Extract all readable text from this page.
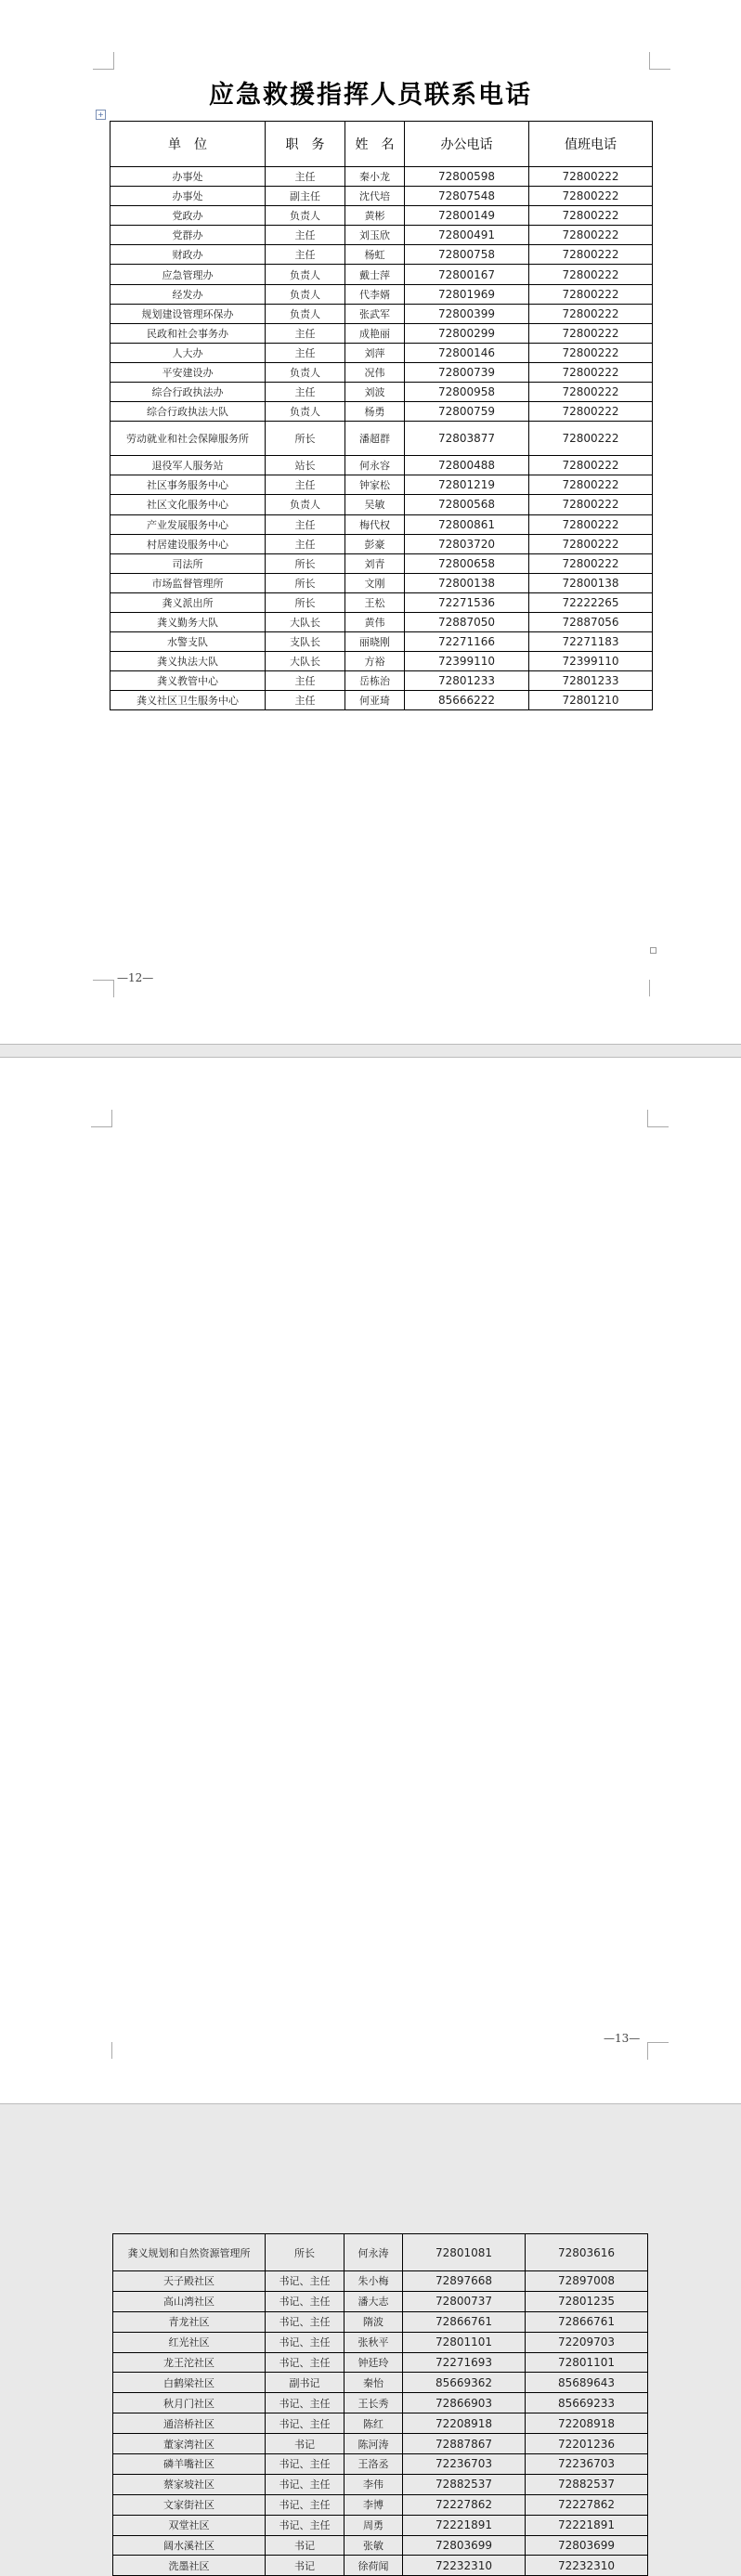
+
应急救援指挥人员联系电话
单　位	职　务	姓　名	办公电话	值班电话
办事处	主任	秦小龙	72800598	72800222
办事处	副主任	沈代培	72807548	72800222
党政办	负责人	黄彬	72800149	72800222
党群办	主任	刘玉欣	72800491	72800222
财政办	主任	杨虹	72800758	72800222
应急管理办	负责人	戴士萍	72800167	72800222
经发办	负责人	代李婿	72801969	72800222
规划建设管理环保办	负责人	张武军	72800399	72800222
民政和社会事务办	主任	成艳丽	72800299	72800222
人大办	主任	刘萍	72800146	72800222
平安建设办	负责人	况伟	72800739	72800222
综合行政执法办	主任	刘波	72800958	72800222
综合行政执法大队	负责人	杨勇	72800759	72800222
劳动就业和社会保障服务所	所长	潘超群	72803877	72800222
退役军人服务站	站长	何永容	72800488	72800222
社区事务服务中心	主任	钟家松	72801219	72800222
社区文化服务中心	负责人	吴敏	72800568	72800222
产业发展服务中心	主任	梅代权	72800861	72800222
村居建设服务中心	主任	彭豪	72803720	72800222
司法所	所长	刘青	72800658	72800222
市场监督管理所	所长	文刚	72800138	72800138
龚义派出所	所长	王松	72271536	72222265
龚义勤务大队	大队长	黄伟	72887050	72887056
水警支队	支队长	丽晓刚	72271166	72271183
龚义执法大队	大队长	方裕	72399110	72399110
龚义教管中心	主任	岳栋治	72801233	72801233
龚义社区卫生服务中心	主任	何亚琦	85666222	72801210
—12—
龚义规划和自然资源管理所	所长	何永涛	72801081	72803616
天子殿社区	书记、主任	朱小梅	72897668	72897008
高山湾社区	书记、主任	潘大志	72800737	72801235
青龙社区	书记、主任	隋波	72866761	72866761
红光社区	书记、主任	张秋平	72801101	72209703
龙王沱社区	书记、主任	钟廷玲	72271693	72801101
白鹤梁社区	副书记	秦怡	85669362	85689643
秋月门社区	书记、主任	王长秀	72866903	85669233
通涪桥社区	书记、主任	陈红	72208918	72208918
董家湾社区	书记	陈河涛	72887867	72201236
磷羊嘴社区	书记、主任	王洛丞	72236703	72236703
蔡家坡社区	书记、主任	李伟	72882537	72882537
文家街社区	书记、主任	李博	72227862	72227862
双堂社区	书记、主任	周勇	72221891	72221891
阔水溪社区	书记	张敏	72803699	72803699
洗墨社区	书记	徐荷闻	72232310	72232310
—13—
